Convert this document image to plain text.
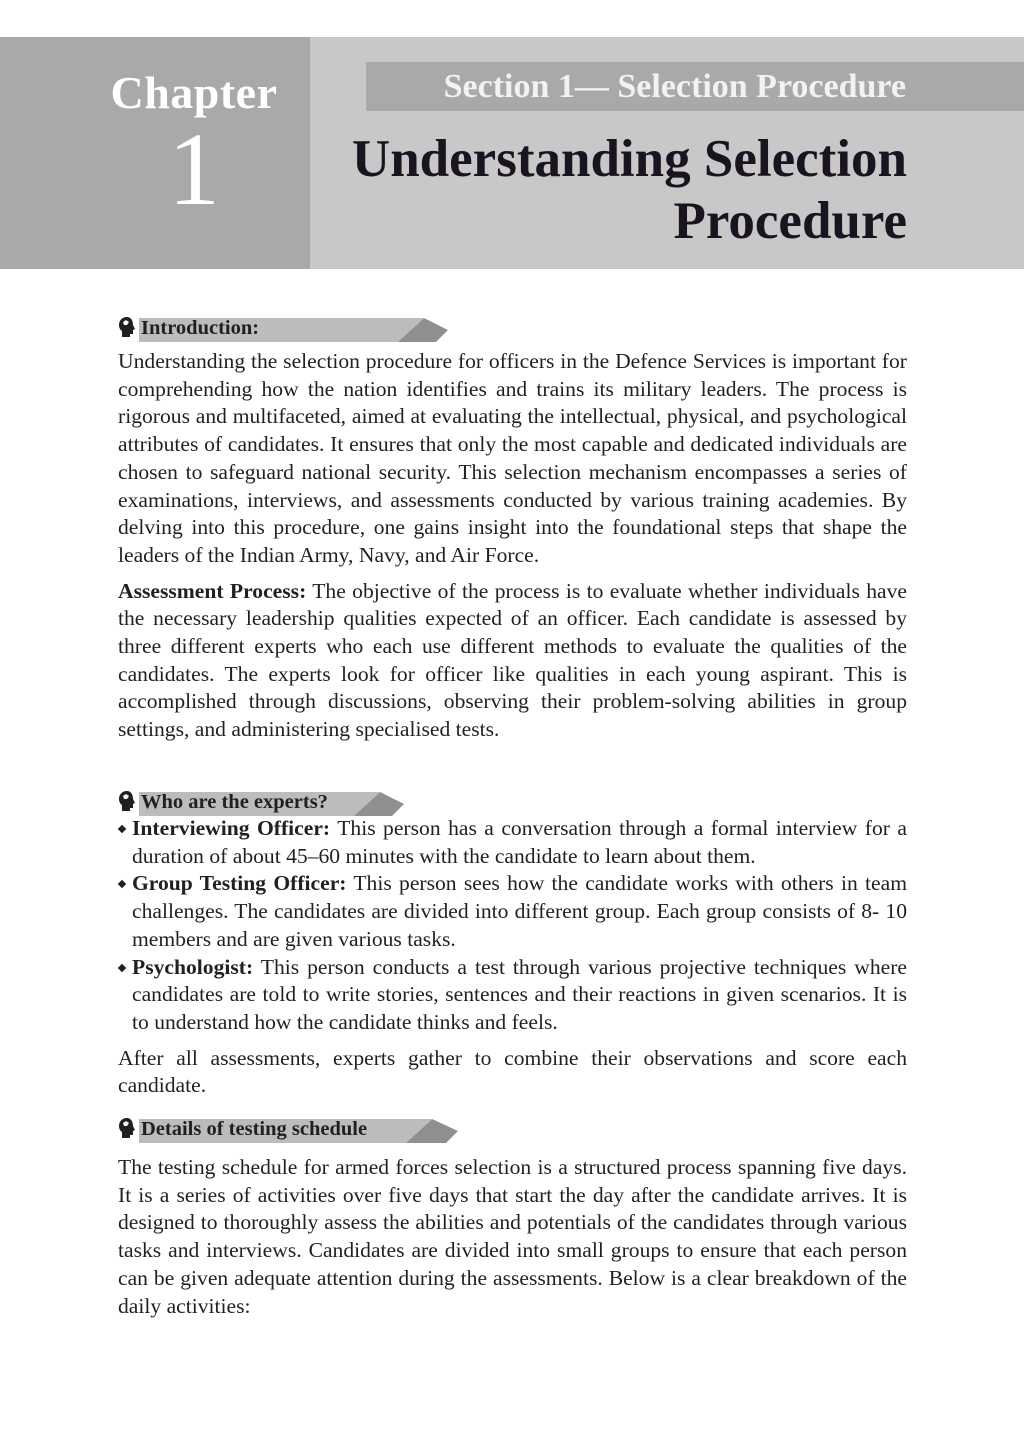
Chapter
1
Section 1— Selection Procedure
Understanding Selection
Procedure
Introduction:

Understanding the selection procedure for officers in the Defence Services is important for comprehending how the nation identifies and trains its military leaders. The process is rigorous and multifaceted, aimed at evaluating the intellectual, physical, and psychological attributes of candidates. It ensures that only the most capable and dedicated individuals are chosen to safeguard national security. This selection mechanism encompasses a series of examinations, interviews, and assessments conducted by various training academies. By delving into this procedure, one gains insight into the foundational steps that shape the leaders of the Indian Army, Navy, and Air Force.

Assessment Process: The objective of the process is to evaluate whether individuals have the necessary leadership qualities expected of an officer. Each candidate is assessed by three different experts who each use different methods to evaluate the qualities of the candidates. The experts look for officer like qualities in each young aspirant. This is accomplished through discussions, observing their problem-solving abilities in group settings, and administering specialised tests.

Who are the experts?
Interviewing Officer: This person has a conversation through a formal interview for a duration of about 45–60 minutes with the candidate to learn about them.
Group Testing Officer: This person sees how the candidate works with others in team challenges. The candidates are divided into different group. Each group consists of 8- 10 members and are given various tasks.
Psychologist: This person conducts a test through various projective techniques where candidates are told to write stories, sentences and their reactions in given scenarios. It is to understand how the candidate thinks and feels.

After all assessments, experts gather to combine their observations and score each candidate.

Details of testing schedule

The testing schedule for armed forces selection is a structured process spanning five days. It is a series of activities over five days that start the day after the candidate arrives. It is designed to thoroughly assess the abilities and potentials of the candidates through various tasks and interviews. Candidates are divided into small groups to ensure that each person can be given adequate attention during the assessments. Below is a clear breakdown of the daily activities:
